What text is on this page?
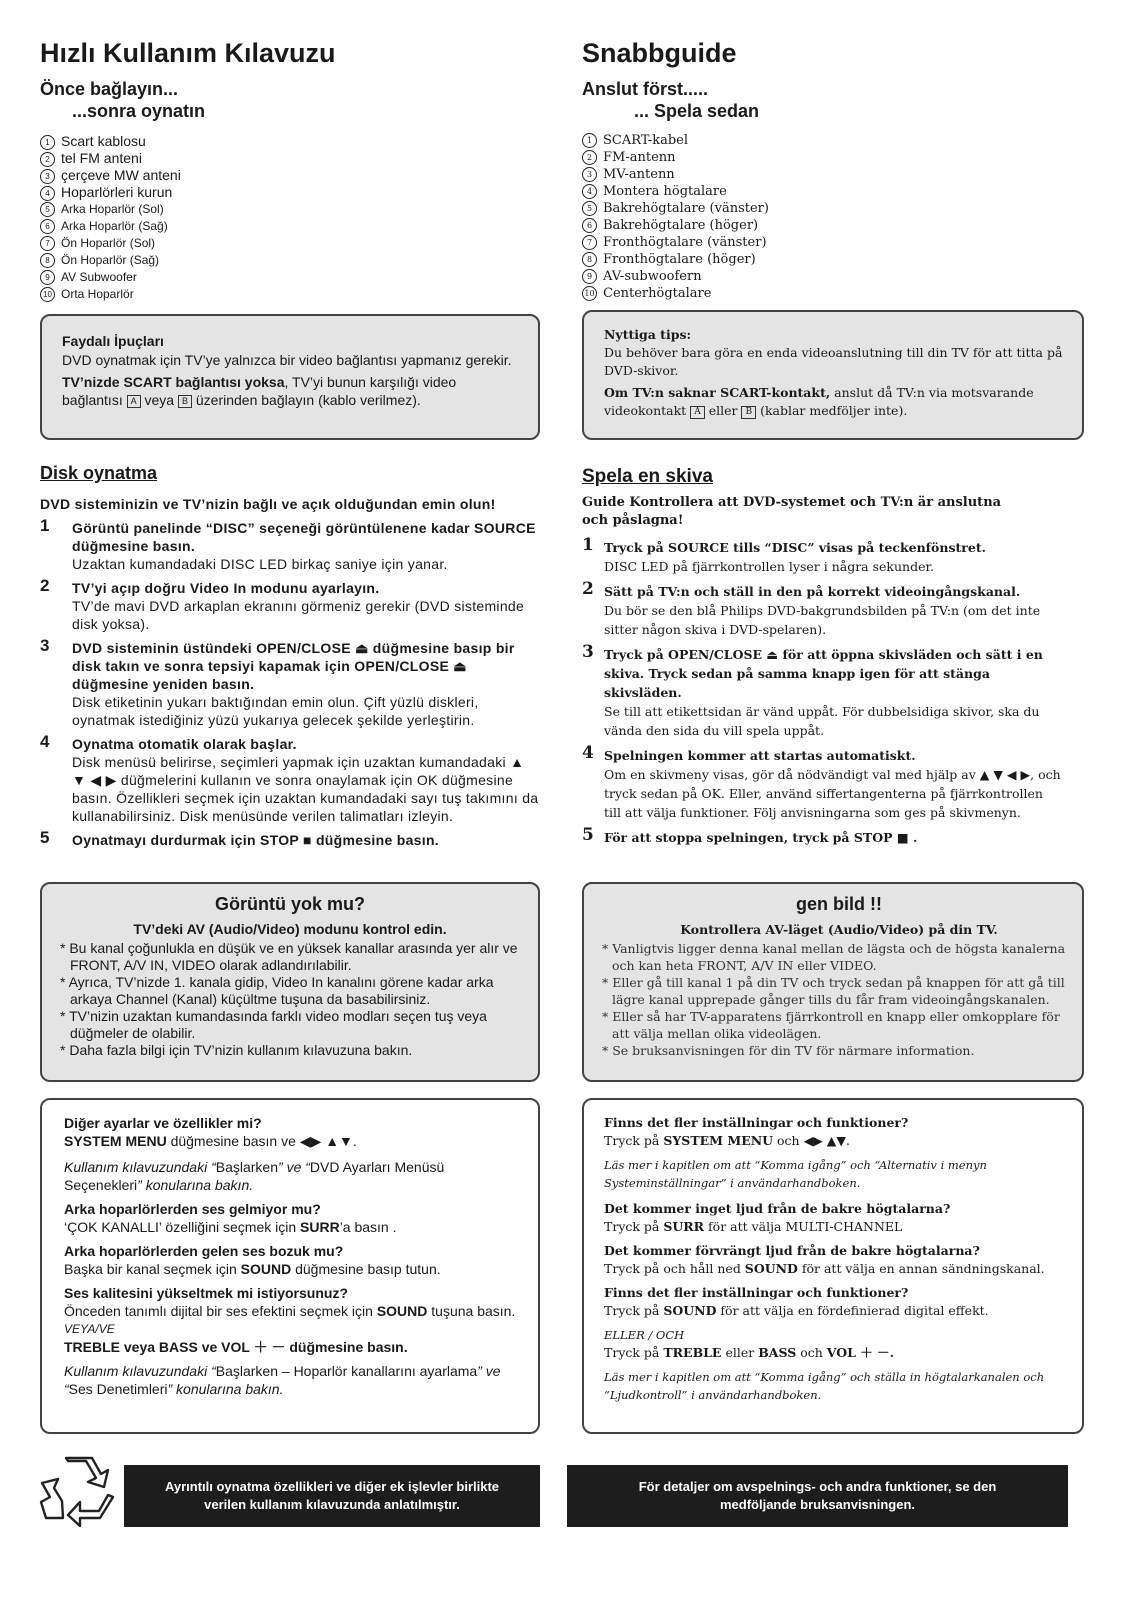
Hızlı Kullanım Kılavuzu
Önce bağlayın...
...sonra oynatın
1 Scart kablosu
2 tel FM anteni
3 çerçeve MW anteni
4 Hoparlörleri kurun
5 Arka Hoparlör (Sol)
6 Arka Hoparlör (Sağ)
7 Ön Hoparlör (Sol)
8 Ön Hoparlör (Sağ)
9 AV Subwoofer
10 Orta Hoparlör

Faydalı İpuçları

DVD oynatmak için TV’ye yalnızca bir video bağlantısı yapmanız gerekir.

TV’nizde SCART bağlantısı yoksa, TV’yi bunun karşılığı video bağlantısı A veya B üzerinden bağlayın (kablo verilmez).

Disk oynatma
DVD sisteminizin ve TV’nizin bağlı ve açık olduğundan emin olun!
1 Görüntü panelinde “DISC” seçeneği görüntülenene kadar SOURCE düğmesine basın.
Uzaktan kumandadaki DISC LED birkaç saniye için yanar.
2 TV’yi açıp doğru Video In modunu ayarlayın.
TV’de mavi DVD arkaplan ekranını görmeniz gerekir (DVD sisteminde disk yoksa).
3 DVD sisteminin üstündeki OPEN/CLOSE ⏏ düğmesine basıp bir disk takın ve sonra tepsiyi kapamak için OPEN/CLOSE ⏏ düğmesine yeniden basın.
Disk etiketinin yukarı baktığından emin olun. Çift yüzlü diskleri, oynatmak istediğiniz yüzü yukarıya gelecek şekilde yerleştirin.
4 Oynatma otomatik olarak başlar.
Disk menüsü belirirse, seçimleri yapmak için uzaktan kumandadaki ▲ ▼ ◀ ▶ düğmelerini kullanın ve sonra onaylamak için OK düğmesine basın. Özellikleri seçmek için uzaktan kumandadaki sayı tuş takımını da kullanabilirsiniz. Disk menüsünde verilen talimatları izleyin.
5 Oynatmayı durdurmak için STOP ■ düğmesine basın.
Görüntü yok mu?
TV’deki AV (Audio/Video) modunu kontrol edin.
* Bu kanal çoğunlukla en düşük ve en yüksek kanallar arasında yer alır ve FRONT, A/V IN, VIDEO olarak adlandırılabilir.
* Ayrıca, TV’nizde 1. kanala gidip, Video In kanalını görene kadar arka arkaya Channel (Kanal) küçültme tuşuna da basabilirsiniz.
* TV’nizin uzaktan kumandasında farklı video modları seçen tuş veya düğmeler de olabilir.
* Daha fazla bilgi için TV’nizin kullanım kılavuzuna bakın.

Diğer ayarlar ve özellikler mi?

SYSTEM MENU düğmesine basın ve ◀▶ ▲▼.

Kullanım kılavuzundaki “Başlarken” ve “DVD Ayarları Menüsü Seçenekleri” konularına bakın.

Arka hoparlörlerden ses gelmiyor mu?

‘ÇOK KANALLI’ özelliğini seçmek için SURR’a basın .

Arka hoparlörlerden gelen ses bozuk mu?

Başka bir kanal seçmek için SOUND düğmesine basıp tutun.

Ses kalitesini yükseltmek mi istiyorsunuz?

Önceden tanımlı dijital bir ses efektini seçmek için SOUND tuşuna basın.

VEYA/VE

TREBLE veya BASS ve VOL ＋ － düğmesine basın.

Kullanım kılavuzundaki “Başlarken – Hoparlör kanallarını ayarlama” ve “Ses Denetimleri” konularına bakın.

Ayrıntılı oynatma özellikleri ve diğer ek işlevler birlikte verilen kullanım kılavuzunda anlatılmıştır.
Snabbguide
Anslut först.....
... Spela sedan
1 SCART-kabel
2 FM-antenn
3 MV-antenn
4 Montera högtalare
5 Bakrehögtalare (vänster)
6 Bakrehögtalare (höger)
7 Fronthögtalare (vänster)
8 Fronthögtalare (höger)
9 AV-subwoofern
10 Centerhögtalare

Nyttiga tips:

Du behöver bara göra en enda videoanslutning till din TV för att titta på DVD-skivor.

Om TV:n saknar SCART-kontakt, anslut då TV:n via motsvarande videokontakt A eller B (kablar medföljer inte).

Spela en skiva
Guide Kontrollera att DVD-systemet och TV:n är anslutna och påslagna!
1 Tryck på SOURCE tills “DISC” visas på teckenfönstret.
DISC LED på fjärrkontrollen lyser i några sekunder.
2 Sätt på TV:n och ställ in den på korrekt videoingångskanal.
Du bör se den blå Philips DVD-bakgrundsbilden på TV:n (om det inte sitter någon skiva i DVD-spelaren).
3 Tryck på OPEN/CLOSE ⏏ för att öppna skivsläden och sätt i en skiva. Tryck sedan på samma knapp igen för att stänga skivsläden.
Se till att etikettsidan är vänd uppåt. För dubbelsidiga skivor, ska du vända den sida du vill spela uppåt.
4 Spelningen kommer att startas automatiskt.
Om en skivmeny visas, gör då nödvändigt val med hjälp av ▲ ▼ ◀ ▶, och tryck sedan på OK. Eller, använd siffertangenterna på fjärrkontrollen till att välja funktioner. Följ anvisningarna som ges på skivmenyn.
5 För att stoppa spelningen, tryck på STOP ■ .
gen bild !!
Kontrollera AV-läget (Audio/Video) på din TV.
* Vanligtvis ligger denna kanal mellan de lägsta och de högsta kanalerna och kan heta FRONT, A/V IN eller VIDEO.
* Eller gå till kanal 1 på din TV och tryck sedan på knappen för att gå till lägre kanal upprepade gånger tills du får fram videoingångskanalen.
* Eller så har TV-apparatens fjärrkontroll en knapp eller omkopplare för att välja mellan olika videolägen.
* Se bruksanvisningen för din TV för närmare information.

Finns det fler inställningar och funktioner?

Tryck på SYSTEM MENU och ◀▶ ▲▼.

Läs mer i kapitlen om att “Komma igång” och “Alternativ i menyn Systeminställningar” i användarhandboken.

Det kommer inget ljud från de bakre högtalarna?

Tryck på SURR för att välja MULTI-CHANNEL

Det kommer förvrängt ljud från de bakre högtalarna?

Tryck på och håll ned SOUND för att välja en annan sändningskanal.

Finns det fler inställningar och funktioner?

Tryck på SOUND för att välja en fördefinierad digital effekt.

ELLER / OCH

Tryck på TREBLE eller BASS och VOL ＋ －.

Läs mer i kapitlen om att “Komma igång” och ställa in högtalarkanalen och “Ljudkontroll” i användarhandboken.

För detaljer om avspelnings- och andra funktioner, se den medföljande bruksanvisningen.
